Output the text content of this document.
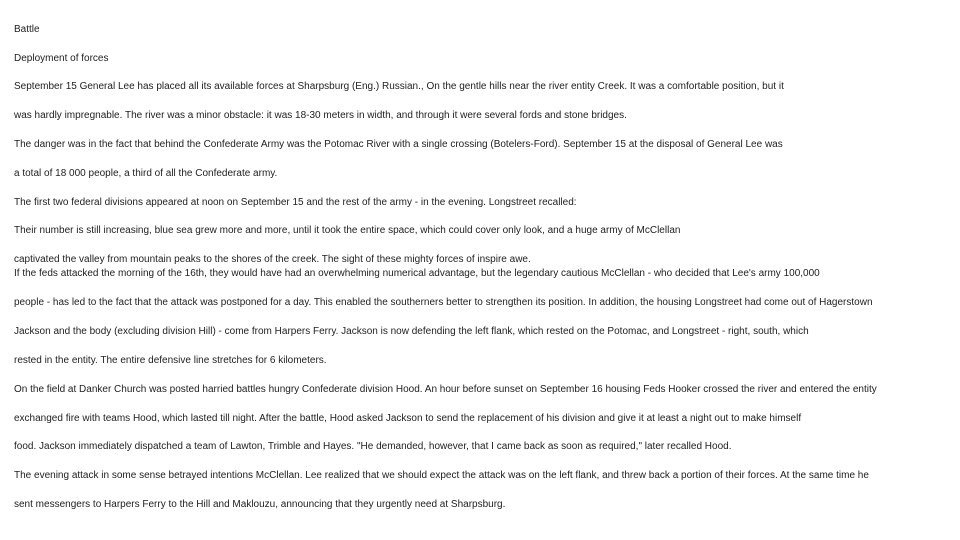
Battle
Deployment of forces
September 15 General Lee has placed all its available forces at Sharpsburg (Eng.) Russian., On the gentle hills near the river entity Creek. It was a comfortable position, but it
was hardly impregnable. The river was a minor obstacle: it was 18-30 meters in width, and through it were several fords and stone bridges.
The danger was in the fact that behind the Confederate Army was the Potomac River with a single crossing (Botelers-Ford). September 15 at the disposal of General Lee was
a total of 18 000 people, a third of all the Confederate army.
The first two federal divisions appeared at noon on September 15 and the rest of the army - in the evening. Longstreet recalled:
Their number is still increasing, blue sea grew more and more, until it took the entire space, which could cover only look, and a huge army of McClellan
captivated the valley from mountain peaks to the shores of the creek. The sight of these mighty forces of inspire awe.
If the feds attacked the morning of the 16th, they would have had an overwhelming numerical advantage, but the legendary cautious McClellan - who decided that Lee's army 100,000
people - has led to the fact that the attack was postponed for a day. This enabled the southerners better to strengthen its position. In addition, the housing Longstreet had come out of Hagerstown
Jackson and the body (excluding division Hill) - come from Harpers Ferry. Jackson is now defending the left flank, which rested on the Potomac, and Longstreet - right, south, which
rested in the entity. The entire defensive line stretches for 6 kilometers.
On the field at Danker Church was posted harried battles hungry Confederate division Hood. An hour before sunset on September 16 housing Feds Hooker crossed the river and entered the entity
exchanged fire with teams Hood, which lasted till night. After the battle, Hood asked Jackson to send the replacement of his division and give it at least a night out to make himself
food. Jackson immediately dispatched a team of Lawton, Trimble and Hayes. "He demanded, however, that I came back as soon as required," later recalled Hood.
The evening attack in some sense betrayed intentions McClellan. Lee realized that we should expect the attack was on the left flank, and threw back a portion of their forces. At the same time he
sent messengers to Harpers Ferry to the Hill and Maklouzu, announcing that they urgently need at Sharpsburg.
